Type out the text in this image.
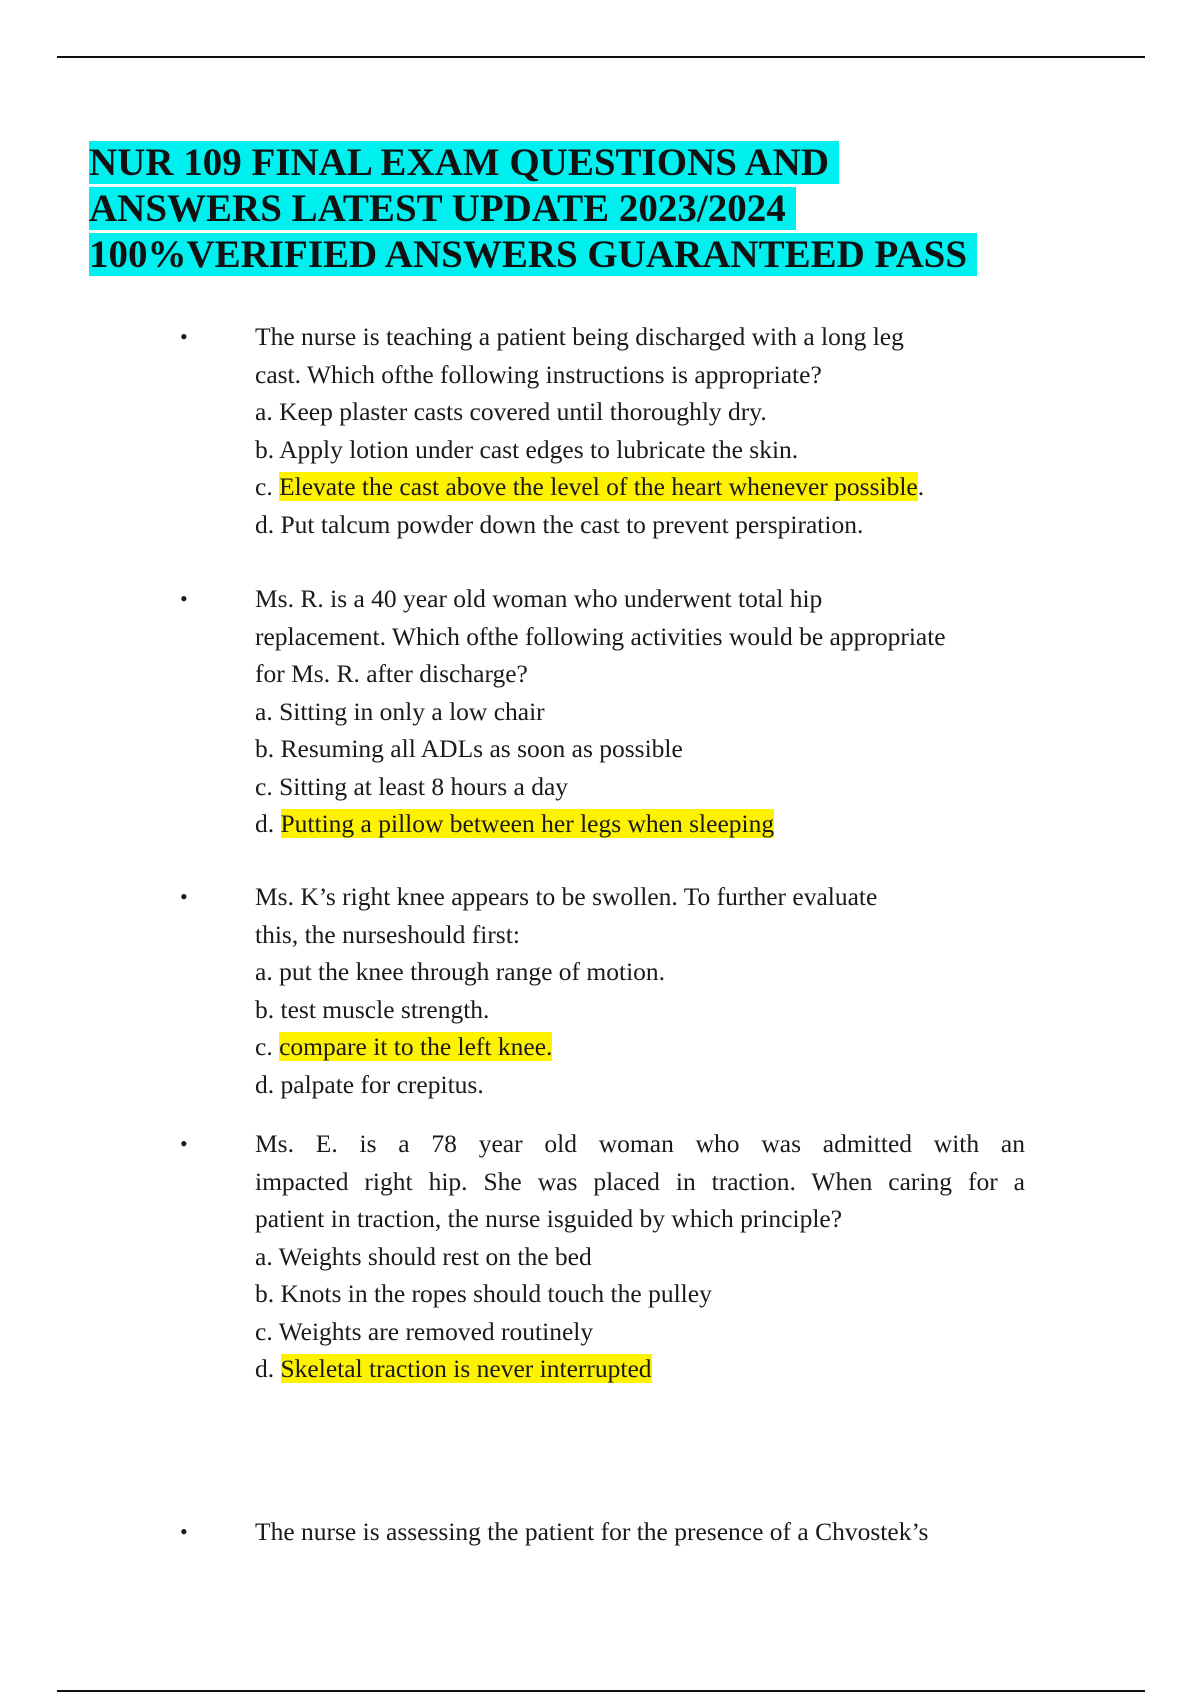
NUR 109 FINAL EXAM QUESTIONS AND
ANSWERS LATEST UPDATE 2023/2024
100%VERIFIED ANSWERS GUARANTEED PASS
•	The nurse is teaching a patient being discharged with a long leg
cast. Which ofthe following instructions is appropriate?

a. Keep plaster casts covered until thoroughly dry.

b. Apply lotion under cast edges to lubricate the skin.

c. Elevate the cast above the level of the heart whenever possible.

d. Put talcum powder down the cast to prevent perspiration.

•	Ms. R. is a 40 year old woman who underwent total hip
replacement. Which ofthe following activities would be appropriate
for Ms. R. after discharge?

a. Sitting in only a low chair

b. Resuming all ADLs as soon as possible

c. Sitting at least 8 hours a day

d. Putting a pillow between her legs when sleeping

•	Ms. K’s right knee appears to be swollen. To further evaluate
this, the nurseshould first:

a. put the knee through range of motion.

b. test muscle strength.

c. compare it to the left knee.

d. palpate for crepitus.

•	Ms. E. is a 78 year old woman who was admitted with an
impacted right hip. She was placed in traction. When caring for a
patient in traction, the nurse isguided by which principle?

a. Weights should rest on the bed

b. Knots in the ropes should touch the pulley

c. Weights are removed routinely

d. Skeletal traction is never interrupted

•	The nurse is assessing the patient for the presence of a Chvostek’s
